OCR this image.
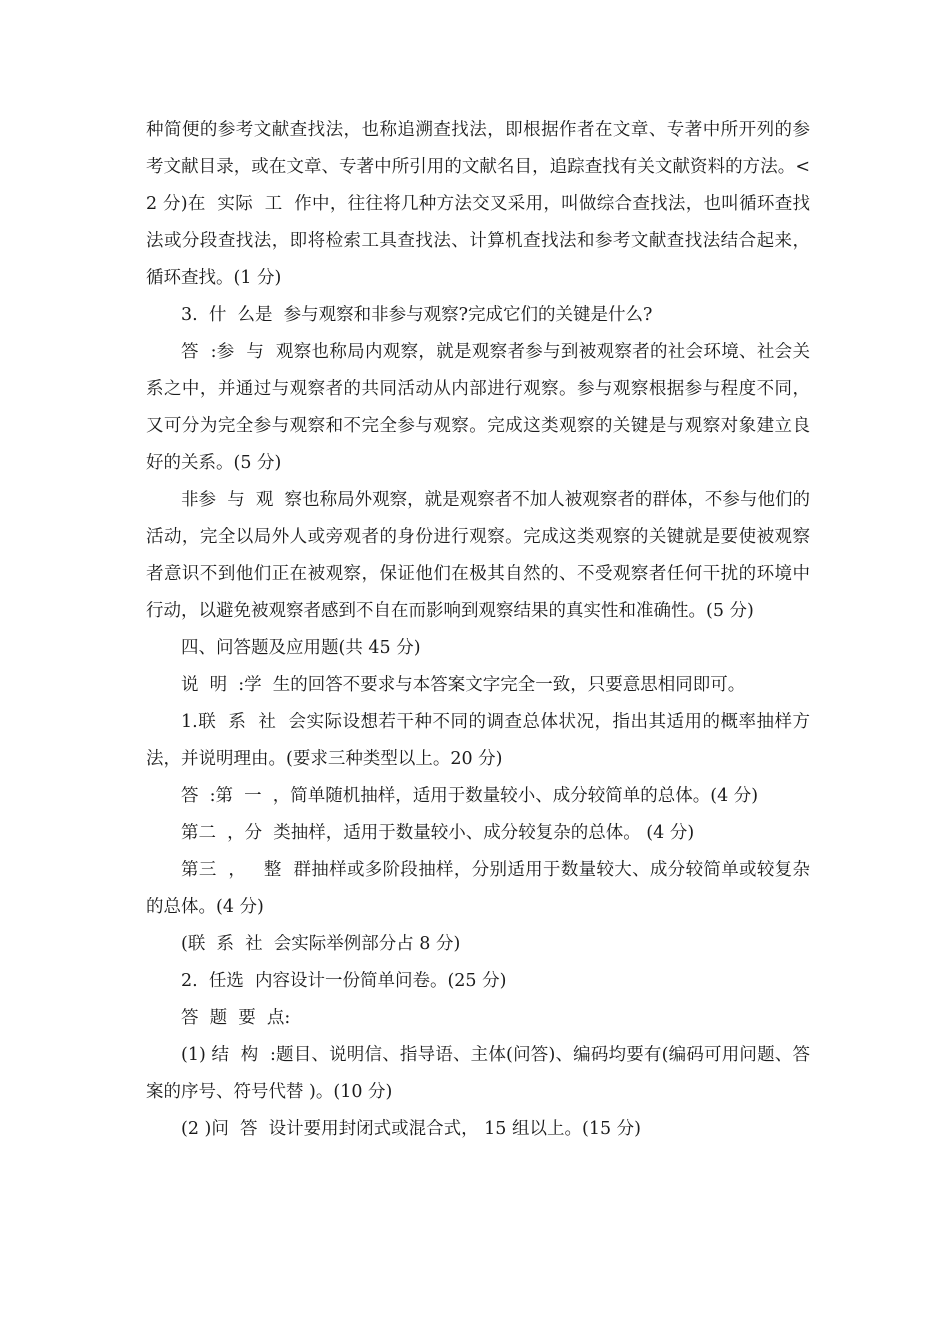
种简便的参考文献查找法，也称追溯查找法，即根据作者在文章、专著中所开列的参考文献目录，或在文章、专著中所引用的文献名目，追踪查找有关文献资料的方法。<2 分)在  实际  工  作中，往往将几种方法交叉采用，叫做综合查找法，也叫循环查找法或分段查找法，即将检索工具查找法、计算机查找法和参考文献查找法结合起来，循环查找。(1 分)

3.  什  么是  参与观察和非参与观察?完成它们的关键是什么?

答  :参  与  观察也称局内观察，就是观察者参与到被观察者的社会环境、社会关系之中，并通过与观察者的共同活动从内部进行观察。参与观察根据参与程度不同，又可分为完全参与观察和不完全参与观察。完成这类观察的关键是与观察对象建立良好的关系。(5 分)

非参  与  观  察也称局外观察，就是观察者不加人被观察者的群体，不参与他们的活动，完全以局外人或旁观者的身份进行观察。完成这类观察的关键就是要使被观察者意识不到他们正在被观察，保证他们在极其自然的、不受观察者任何干扰的环境中行动，以避免被观察者感到不自在而影响到观察结果的真实性和准确性。(5 分)

四、问答题及应用题(共 45 分)

说  明  :学  生的回答不要求与本答案文字完全一致，只要意思相同即可。

1.联  系  社  会实际设想若干种不同的调查总体状况，指出其适用的概率抽样方法，并说明理由。(要求三种类型以上。20 分)

答  :第  一  ，简单随机抽样，适用于数量较小、成分较简单的总体。(4 分)

第二  ，分  类抽样，适用于数量较小、成分较复杂的总体。 (4 分)

第三  ，   整  群抽样或多阶段抽样，分别适用于数量较大、成分较简单或较复杂的总体。(4 分)

(联  系  社  会实际举例部分占 8 分)

2.  任选  内容设计一份简单问卷。(25 分)

答  题  要  点:

(1) 结  构  :题目、说明信、指导语、主体(问答)、编码均要有(编码可用问题、答案的序号、符号代替 )。(10 分)

(2 )问  答  设计要用封闭式或混合式， 15 组以上。(15 分)
